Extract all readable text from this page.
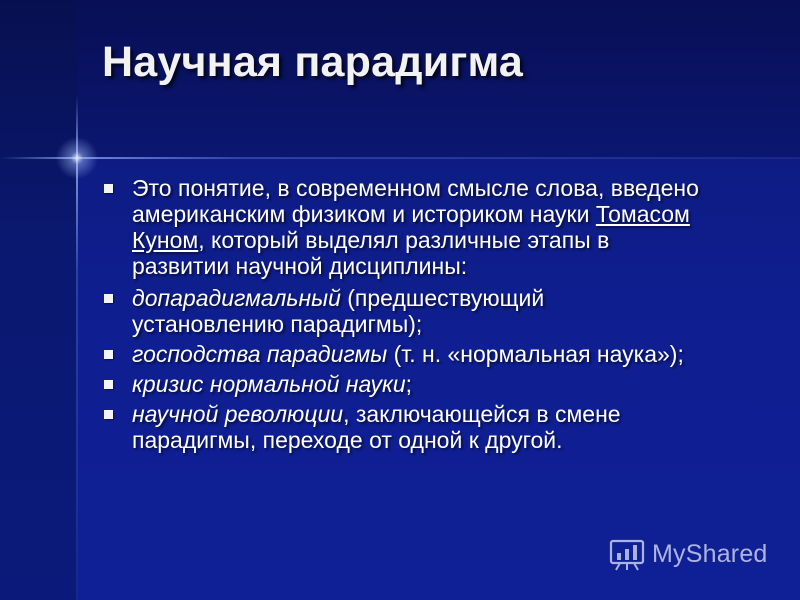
Научная парадигма
Это понятие, в современном смысле слова, введено американским физиком и историком науки Томасом Куном, который выделял различные этапы в развитии научной дисциплины:
допарадигмальный (предшествующий установлению парадигмы);
господства парадигмы (т. н. «нормальная наука»);
кризис нормальной науки;
научной революции, заключающейся в смене парадигмы, переходе от одной к другой.
MyShared
